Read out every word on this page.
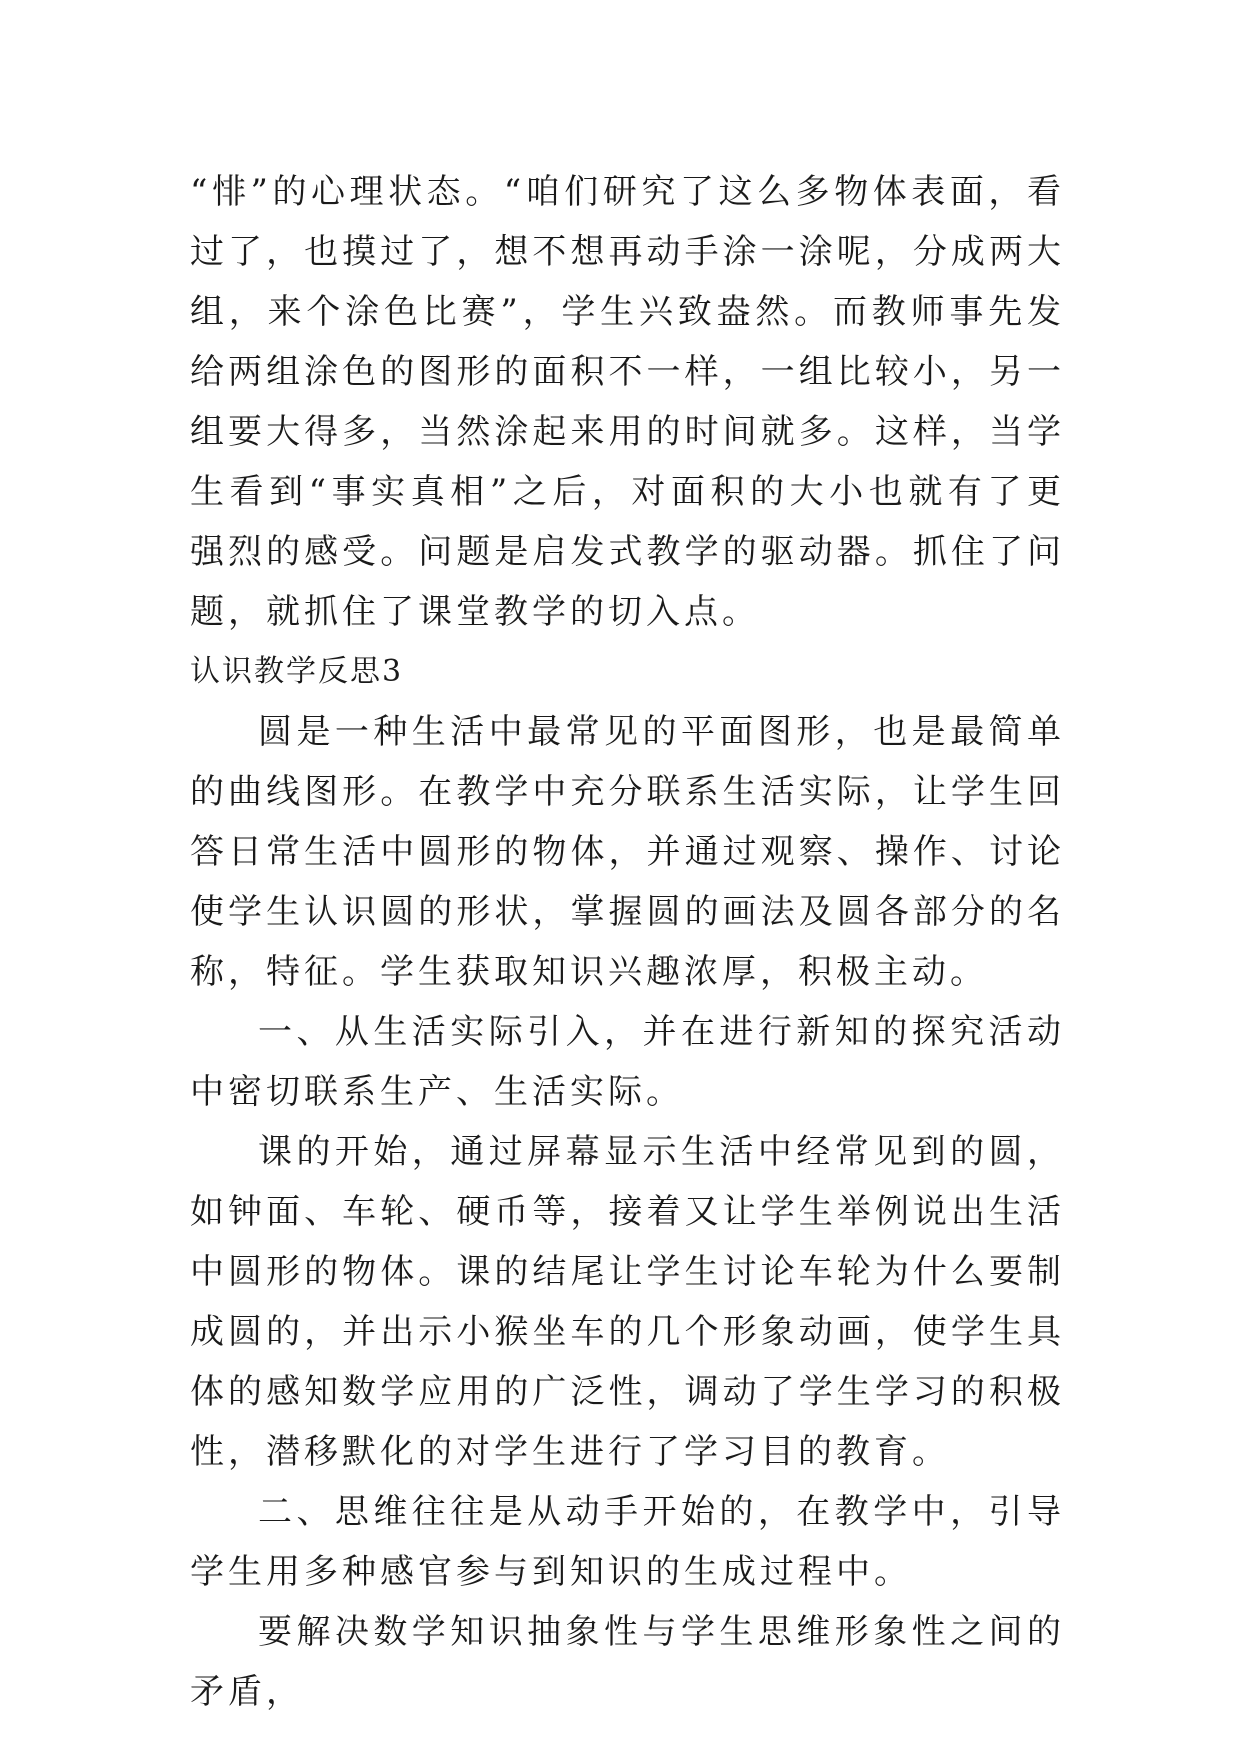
“悱”的心理状态。“咱们研究了这么多物体表面，看过了，也摸过了，想不想再动手涂一涂呢，分成两大组，来个涂色比赛”，学生兴致盎然。而教师事先发给两组涂色的图形的面积不一样，一组比较小，另一组要大得多，当然涂起来用的时间就多。这样，当学生看到“事实真相”之后，对面积的大小也就有了更强烈的感受。问题是启发式教学的驱动器。抓住了问题，就抓住了课堂教学的切入点。

认识教学反思3

圆是一种生活中最常见的平面图形，也是最简单的曲线图形。在教学中充分联系生活实际，让学生回答日常生活中圆形的物体，并通过观察、操作、讨论使学生认识圆的形状，掌握圆的画法及圆各部分的名称，特征。学生获取知识兴趣浓厚，积极主动。

一、从生活实际引入，并在进行新知的探究活动中密切联系生产、生活实际。

课的开始，通过屏幕显示生活中经常见到的圆，如钟面、车轮、硬币等，接着又让学生举例说出生活中圆形的物体。课的结尾让学生讨论车轮为什么要制成圆的，并出示小猴坐车的几个形象动画，使学生具体的感知数学应用的广泛性，调动了学生学习的积极性，潜移默化的对学生进行了学习目的教育。

二、思维往往是从动手开始的，在教学中，引导学生用多种感官参与到知识的生成过程中。

要解决数学知识抽象性与学生思维形象性之间的矛盾，
